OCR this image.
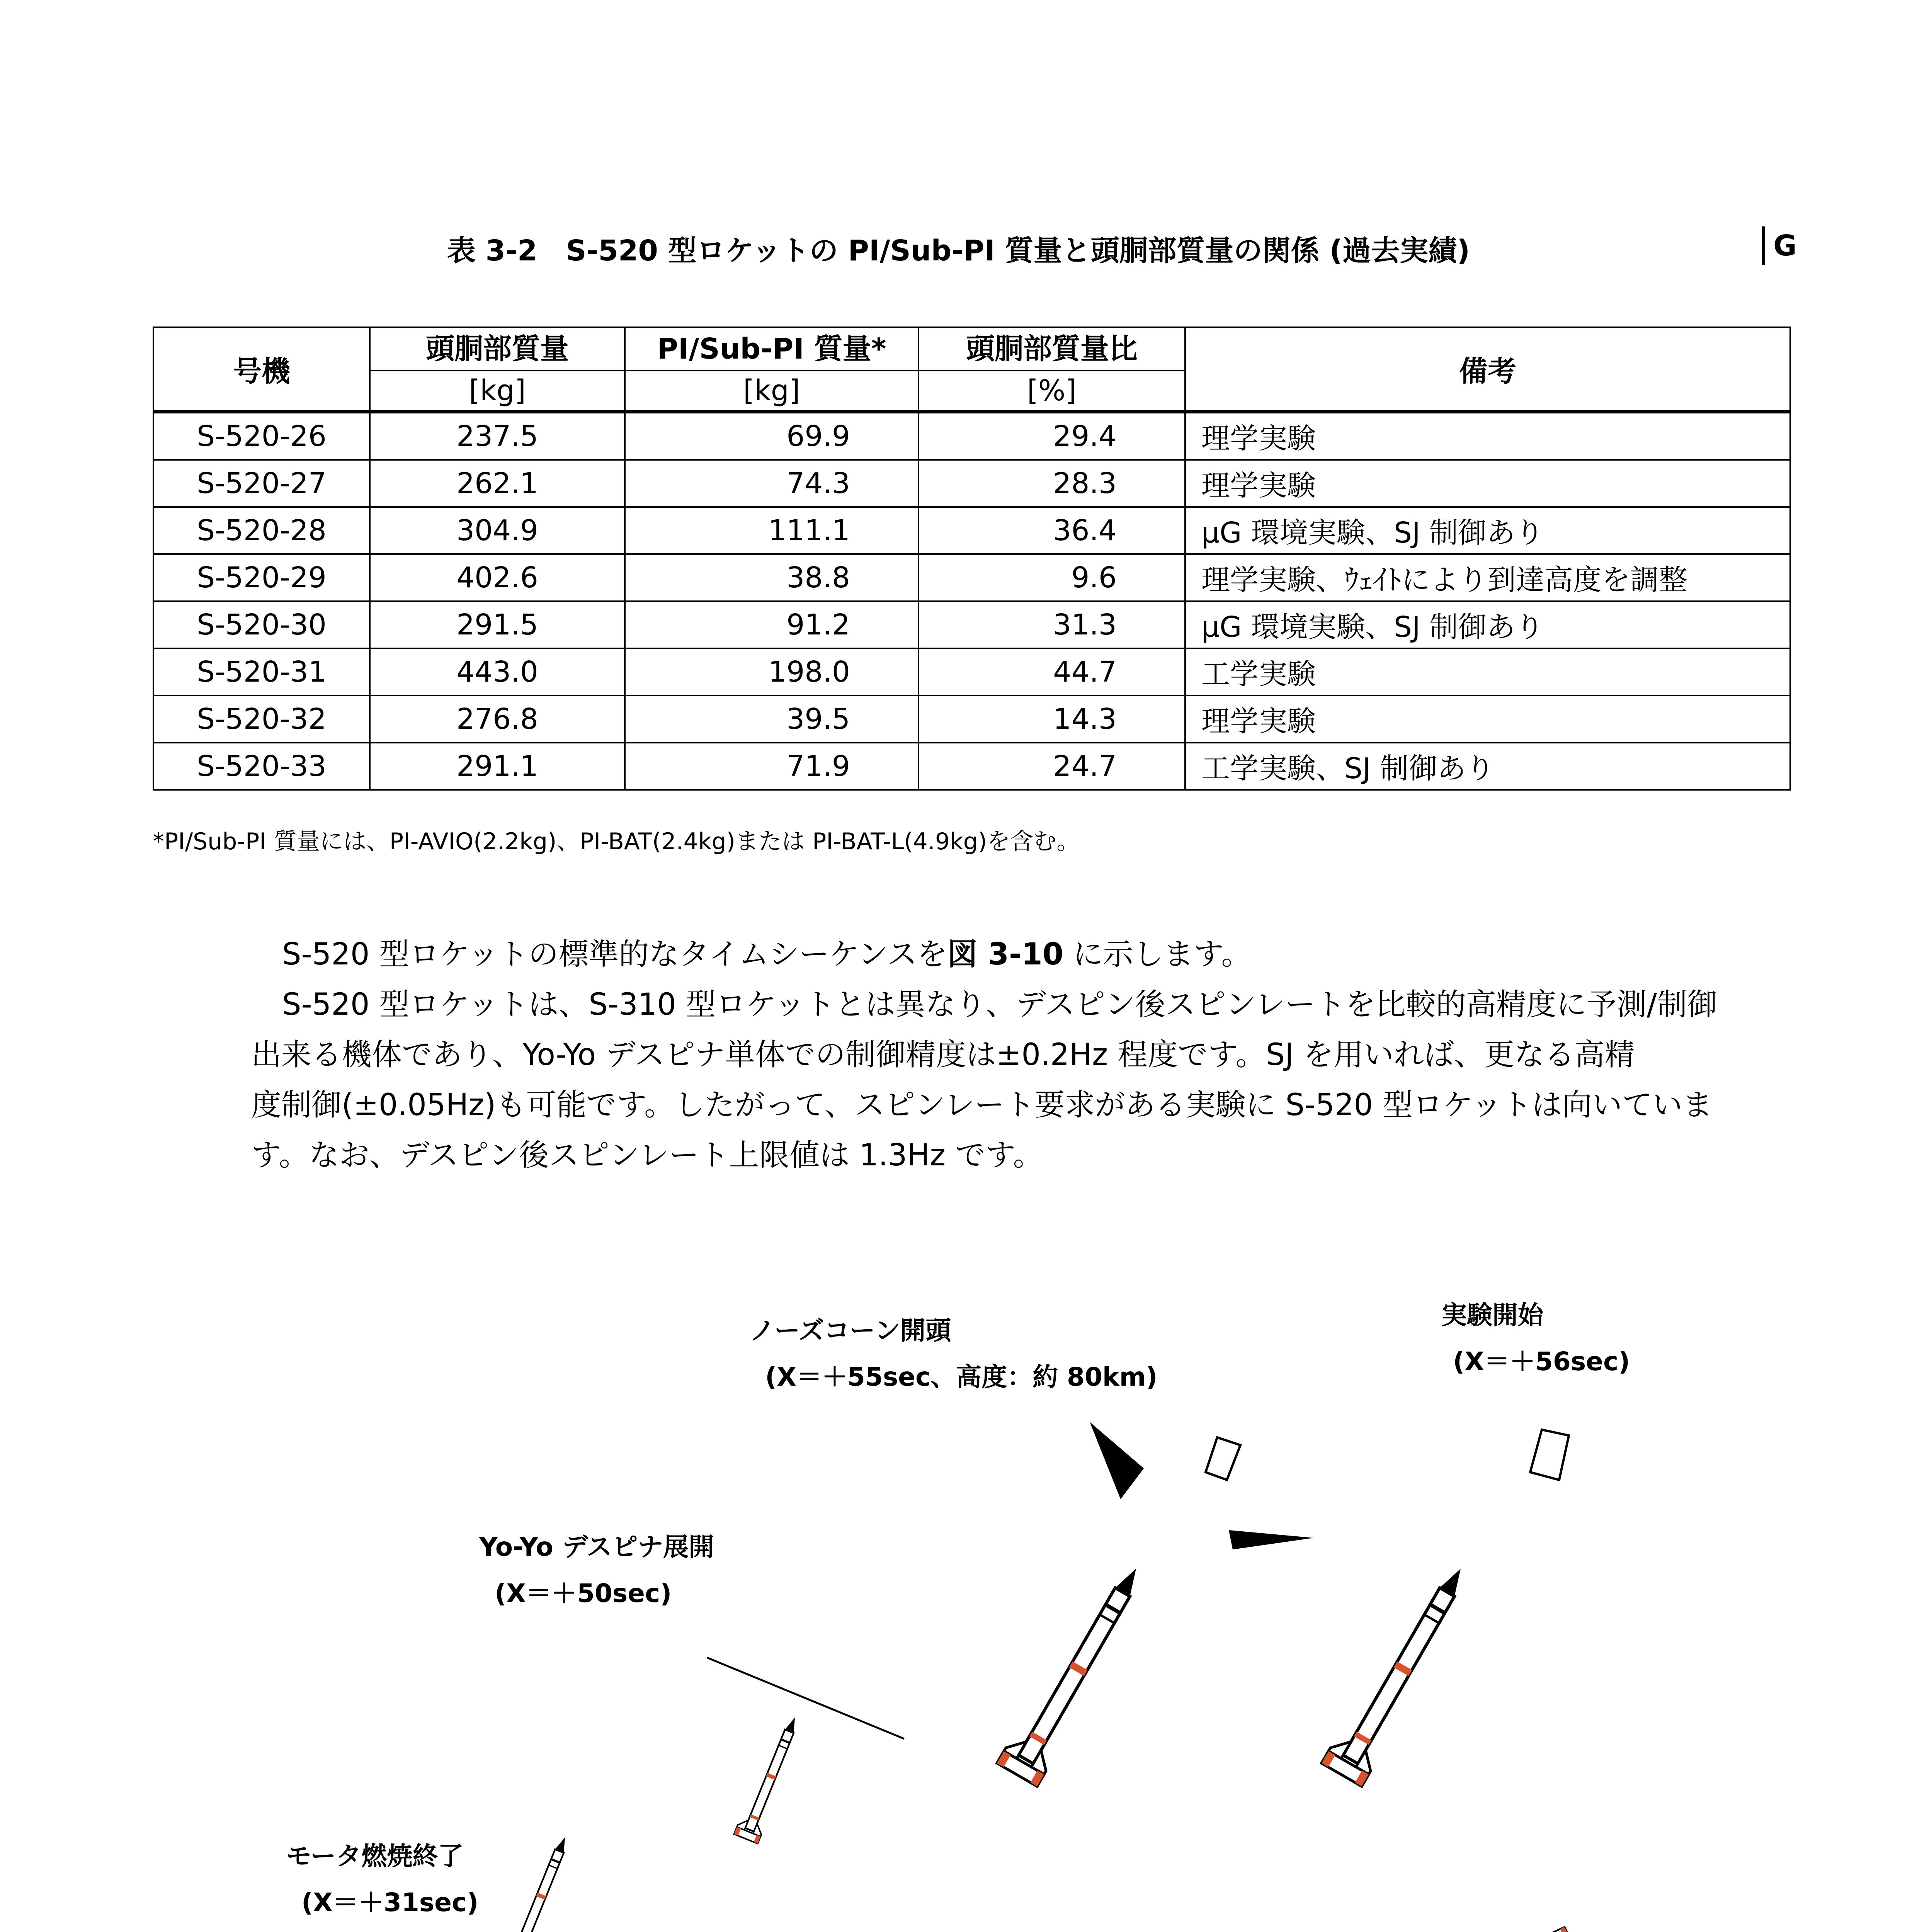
表 3-2　S-520 型ロケットの PI/Sub-PI 質量と頭胴部質量の関係 (過去実績)	G
号機	頭胴部質量	PI/Sub-PI 質量*	頭胴部質量比	備考
	[kg]	[kg]	[%]	
S-520-26	237.5	69.9	29.4	理学実験
S-520-27	262.1	74.3	28.3	理学実験
S-520-28	304.9	111.1	36.4	μG 環境実験、SJ 制御あり
S-520-29	402.6	38.8	9.6	理学実験、ｳｪｲﾄにより到達高度を調整
S-520-30	291.5	91.2	31.3	μG 環境実験、SJ 制御あり
S-520-31	443.0	198.0	44.7	工学実験
S-520-32	276.8	39.5	14.3	理学実験
S-520-33	291.1	71.9	24.7	工学実験、SJ 制御あり
*PI/Sub-PI 質量には、PI-AVIO(2.2kg)、PI-BAT(2.4kg)または PI-BAT-L(4.9kg)を含む。
S-520 型ロケットの標準的なタイムシーケンスを図 3-10 に示します。
S-520 型ロケットは、S-310 型ロケットとは異なり、デスピン後スピンレートを比較的高精度に予測/制御
出来る機体であり、Yo-Yo デスピナ単体での制御精度は±0.2Hz 程度です。SJ を用いれば、更なる高精
度制御(±0.05Hz)も可能です。したがって、スピンレート要求がある実験に S-520 型ロケットは向いていま
す。なお、デスピン後スピンレート上限値は 1.3Hz です。
モータ燃焼終了
(X＝＋31sec)
Yo-Yo デスピナ展開
(X＝＋50sec)
ノーズコーン開頭
(X＝＋55sec、高度：約 80km)
実験開始
(X＝＋56sec)
